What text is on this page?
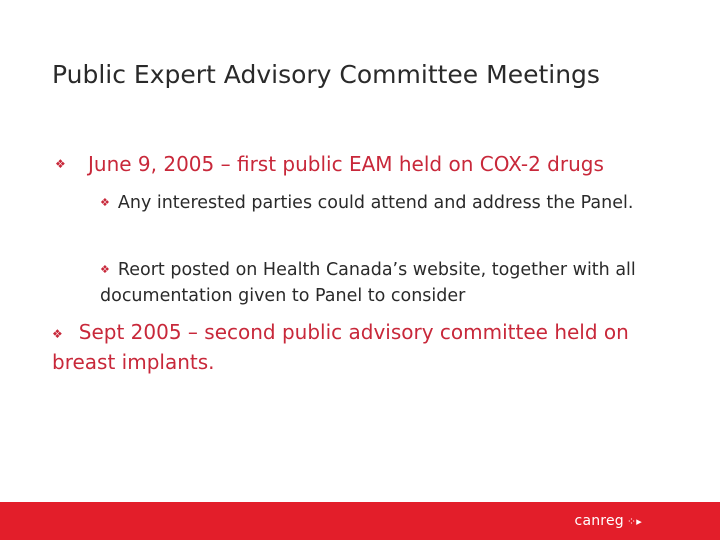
Public Expert Advisory Committee Meetings
❖ June 9, 2005 – first public EAM held on COX-2 drugs
❖ Any interested parties could attend and address the Panel.
❖ Reort posted on Health Canada’s website, together with all documentation given to Panel to consider
❖ Sept 2005 – second public advisory committee held on breast implants.
canreg ⁘▸
